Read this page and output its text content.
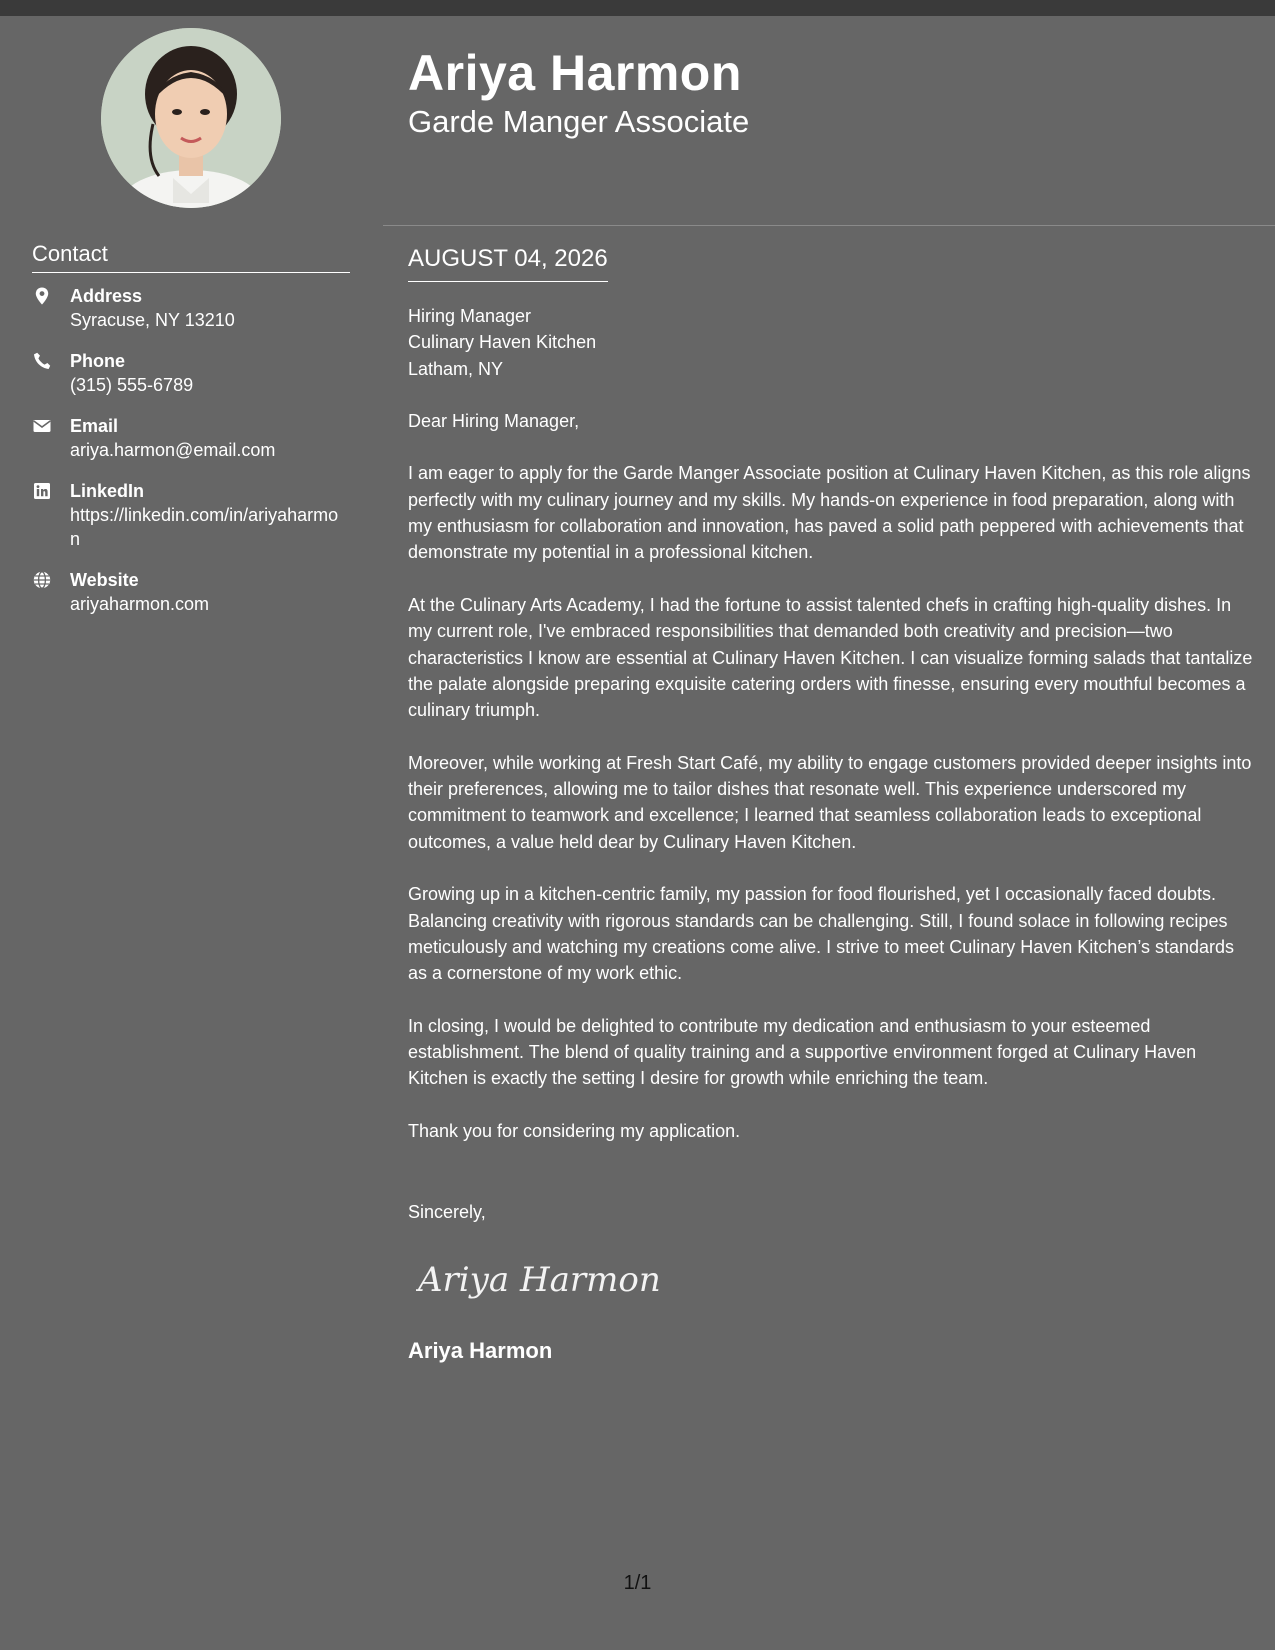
Contact
Address
Syracuse, NY 13210
Phone
(315) 555-6789
Email
ariya.harmon@email.com
LinkedIn
https://linkedin.com/in/ariyaharmon
Website
ariyaharmon.com
Ariya Harmon
Garde Manger Associate
AUGUST 04, 2026
Hiring Manager
Culinary Haven Kitchen
Latham, NY

Dear Hiring Manager,

I am eager to apply for the Garde Manger Associate position at Culinary Haven Kitchen, as this role aligns perfectly with my culinary journey and my skills. My hands-on experience in food preparation, along with my enthusiasm for collaboration and innovation, has paved a solid path peppered with achievements that demonstrate my potential in a professional kitchen.

At the Culinary Arts Academy, I had the fortune to assist talented chefs in crafting high-quality dishes. In my current role, I've embraced responsibilities that demanded both creativity and precision—two characteristics I know are essential at Culinary Haven Kitchen. I can visualize forming salads that tantalize the palate alongside preparing exquisite catering orders with finesse, ensuring every mouthful becomes a culinary triumph.

Moreover, while working at Fresh Start Café, my ability to engage customers provided deeper insights into their preferences, allowing me to tailor dishes that resonate well. This experience underscored my commitment to teamwork and excellence; I learned that seamless collaboration leads to exceptional outcomes, a value held dear by Culinary Haven Kitchen.

Growing up in a kitchen-centric family, my passion for food flourished, yet I occasionally faced doubts. Balancing creativity with rigorous standards can be challenging. Still, I found solace in following recipes meticulously and watching my creations come alive. I strive to meet Culinary Haven Kitchen’s standards as a cornerstone of my work ethic.

In closing, I would be delighted to contribute my dedication and enthusiasm to your esteemed establishment. The blend of quality training and a supportive environment forged at Culinary Haven Kitchen is exactly the setting I desire for growth while enriching the team.

Thank you for considering my application.

Sincerely,
Ariya Harmon
Ariya Harmon
1/1
